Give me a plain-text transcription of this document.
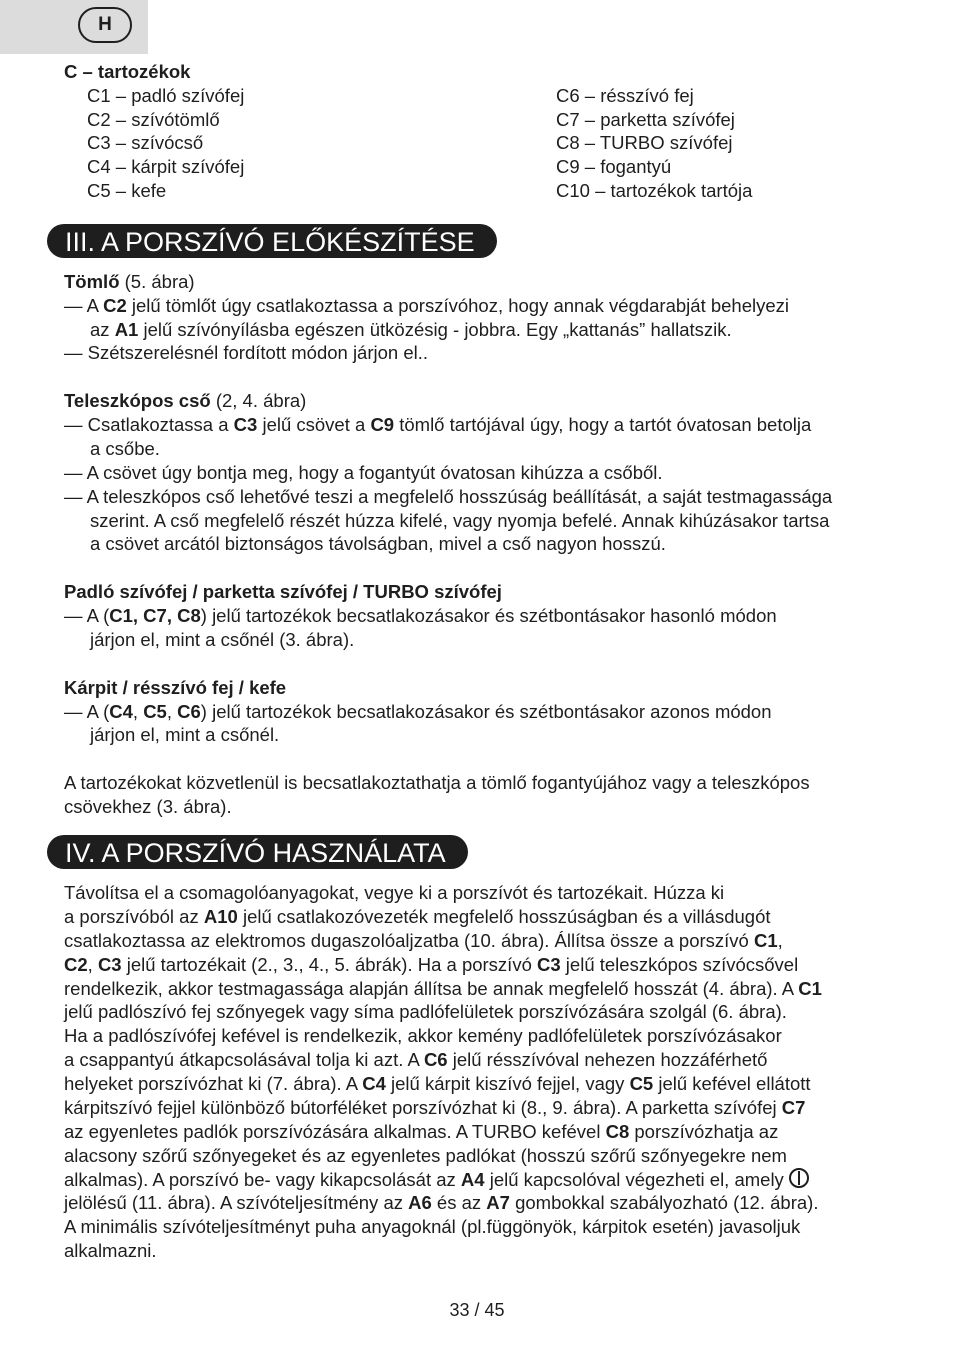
H
C – tartozékok
C1 – padló szívófej
C2 – szívótömlő
C3 – szívócső
C4 – kárpit szívófej
C5 – kefe
C6 – résszívó fej
C7 – parketta szívófej
C8 – TURBO szívófej
C9 – fogantyú
C10 – tartozékok tartója
III. A PORSZÍVÓ ELŐKÉSZÍTÉSE
Tömlő (5. ábra)
— A C2 jelű tömlőt úgy csatlakoztassa a porszívóhoz, hogy annak végdarabját behelyezi
az A1 jelű szívónyílásba egészen ütközésig - jobbra. Egy „kattanás” hallatszik.
— Szétszerelésnél fordított módon járjon el..
Teleszkópos cső (2, 4. ábra)
— Csatlakoztassa a C3 jelű csövet a C9 tömlő tartójával úgy, hogy a tartót óvatosan betolja
a csőbe.
— A csövet úgy bontja meg, hogy a fogantyút óvatosan kihúzza a csőből.
— A teleszkópos cső lehetővé teszi a megfelelő hosszúság beállítását, a saját testmagassága
szerint. A cső megfelelő részét húzza kifelé, vagy nyomja befelé. Annak kihúzásakor tartsa
a csövet arcától biztonságos távolságban, mivel a cső nagyon hosszú.
Padló szívófej / parketta szívófej / TURBO szívófej
— A (C1, C7, C8) jelű tartozékok becsatlakozásakor és szétbontásakor hasonló módon
járjon el, mint a csőnél (3. ábra).
Kárpit / résszívó fej / kefe
— A (C4, C5, C6) jelű tartozékok becsatlakozásakor és szétbontásakor azonos módon
járjon el, mint a csőnél.
A tartozékokat közvetlenül is becsatlakoztathatja a tömlő fogantyújához vagy a teleszkópos
csövekhez (3. ábra).
IV. A PORSZÍVÓ HASZNÁLATA
Távolítsa el a csomagolóanyagokat, vegye ki a porszívót és tartozékait. Húzza ki
a porszívóból az A10 jelű csatlakozóvezeték megfelelő hosszúságban és a villásdugót
csatlakoztassa az elektromos dugaszolóaljzatba (10. ábra). Állítsa össze a porszívó C1,
C2, C3 jelű tartozékait (2., 3., 4., 5. ábrák). Ha a porszívó C3 jelű teleszkópos szívócsővel
rendelkezik, akkor testmagassága alapján állítsa be annak megfelelő hosszát (4. ábra). A C1
jelű padlószívó fej szőnyegek vagy síma padlófelületek porszívózására szolgál (6. ábra).
Ha a padlószívófej kefével is rendelkezik, akkor kemény padlófelületek porszívózásakor
a csappantyú átkapcsolásával tolja ki azt. A C6 jelű résszívóval nehezen hozzáférhető
helyeket porszívózhat ki (7. ábra). A C4 jelű kárpit kiszívó fejjel, vagy C5 jelű kefével ellátott
kárpitszívó fejjel különböző bútorféléket porszívózhat ki (8., 9. ábra). A parketta szívófej C7
az egyenletes padlók porszívózására alkalmas. A TURBO kefével C8 porszívózhatja az
alacsony szőrű szőnyegeket és az egyenletes padlókat (hosszú szőrű szőnyegekre nem
alkalmas). A porszívó be- vagy kikapcsolását az A4 jelű kapcsolóval végezheti el, amely
jelölésű (11. ábra). A szívóteljesítmény az A6 és az A7 gombokkal szabályozható (12. ábra).
A minimális szívóteljesítményt puha anyagoknál (pl.függönyök, kárpitok esetén) javasoljuk
alkalmazni.
33 / 45
